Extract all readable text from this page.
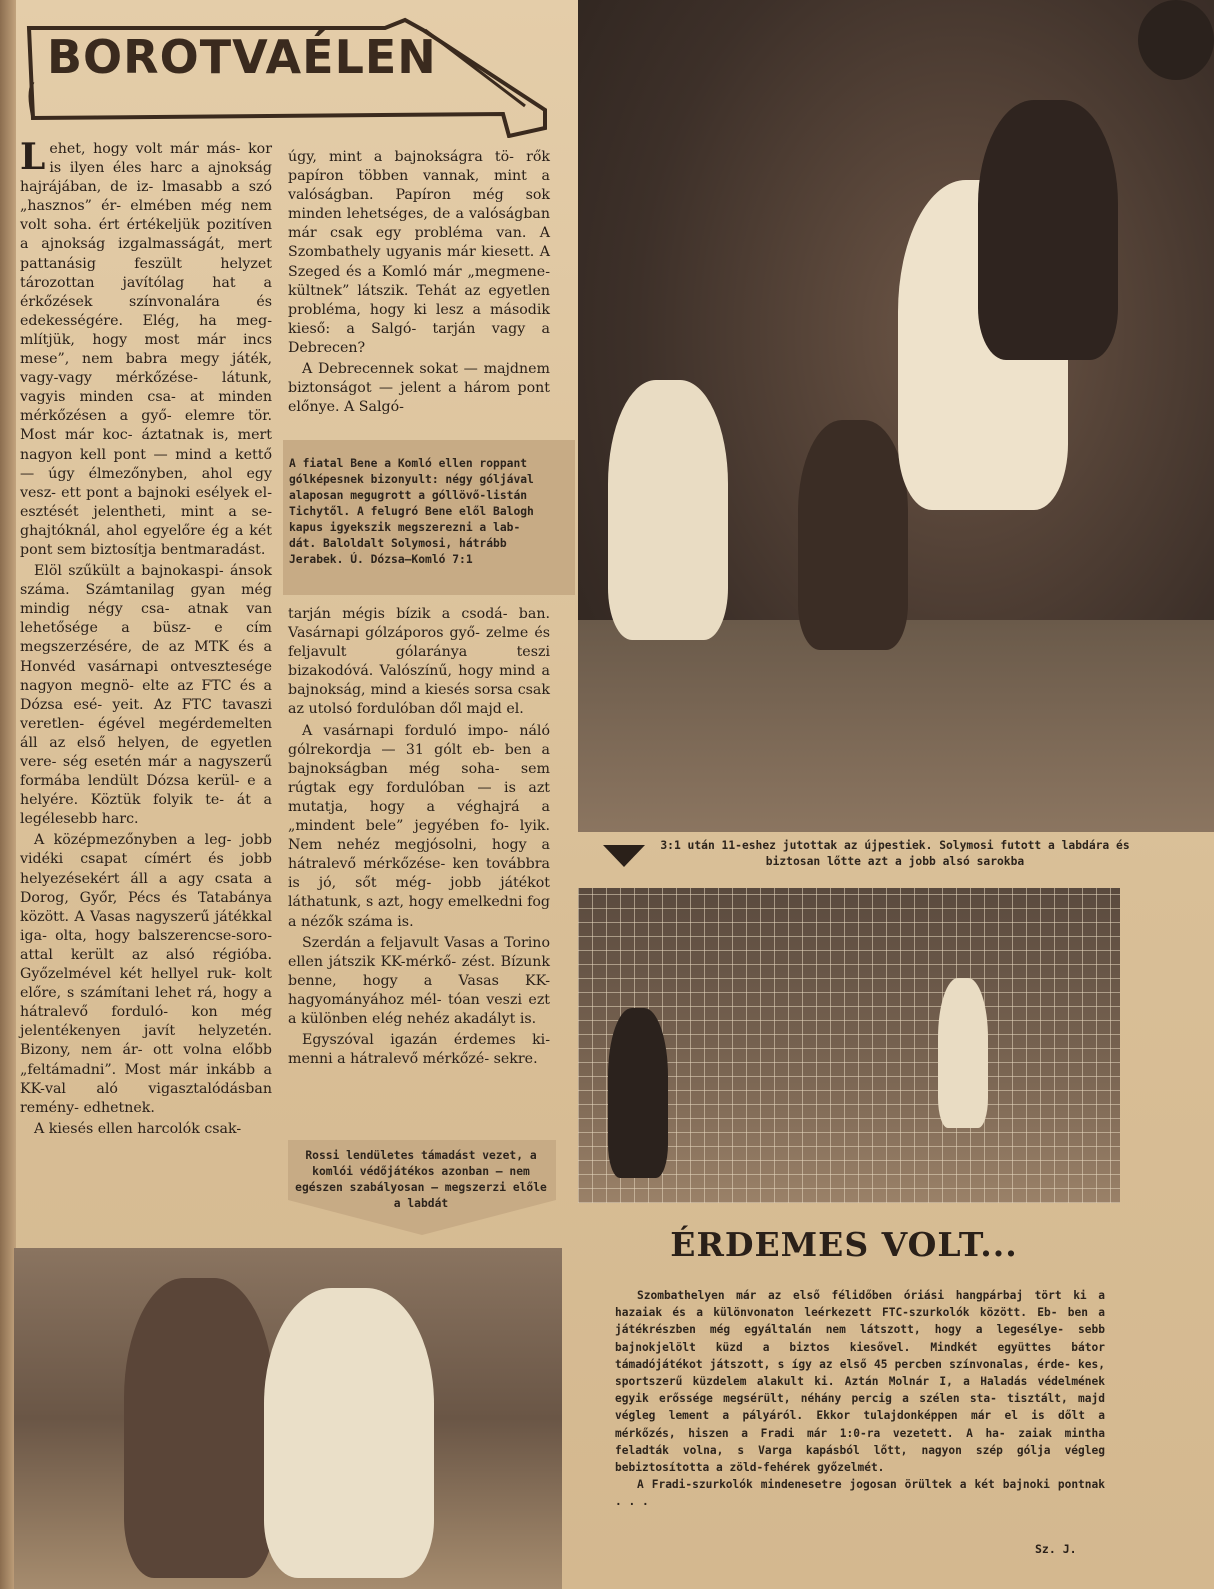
BOROTVAÉLEN

Lehet, hogy volt már más- kor is ilyen éles harc a ajnokság hajrájában, de iz- lmasabb a szó „hasznos” ér- elmében még nem volt soha. ért értékeljük pozitíven a ajnokság izgalmasságát, mert pattanásig feszült helyzet tározottan javítólag hat a érkőzések színvonalára és edekességére. Elég, ha meg- mlítjük, hogy most már incs mese”, nem babra megy játék, vagy-vagy mérkőzése- látunk, vagyis minden csa- at minden mérkőzésen a győ- elemre tör. Most már koc- áztatnak is, mert nagyon kell pont — mind a kettő — úgy élmezőnyben, ahol egy vesz- ett pont a bajnoki esélyek el- esztését jelentheti, mint a se- ghajtóknál, ahol egyelőre ég a két pont sem biztosítja bentmaradást.

Elöl szűkült a bajnokaspi- ánsok száma. Számtanilag gyan még mindig négy csa- atnak van lehetősége a büsz- e cím megszerzésére, de az MTK és a Honvéd vasárnapi ontvesztesége nagyon megnö- elte az FTC és a Dózsa esé- yeit. Az FTC tavaszi veretlen- égével megérdemelten áll az első helyen, de egyetlen vere- ség esetén már a nagyszerű formába lendült Dózsa kerül- e a helyére. Köztük folyik te- át a legélesebb harc.

A középmezőnyben a leg- jobb vidéki csapat címért és jobb helyezésekért áll a agy csata a Dorog, Győr, Pécs és Tatabánya között. A Vasas nagyszerű játékkal iga- olta, hogy balszerencse-soro- attal került az alsó régióba. Győzelmével két hellyel ruk- kolt előre, s számítani lehet rá, hogy a hátralevő forduló- kon még jelentékenyen javít helyzetén. Bizony, nem ár- ott volna előbb „feltámadni”. Most már inkább a KK-val aló vigasztalódásban remény- edhetnek.

A kiesés ellen harcolók csak-

úgy, mint a bajnokságra tö- rők papíron többen vannak, mint a valóságban. Papíron még sok minden lehetséges, de a valóságban már csak egy probléma van. A Szombathely ugyanis már kiesett. A Szeged és a Komló már „megmene- kültnek” látszik. Tehát az egyetlen probléma, hogy ki lesz a második kieső: a Salgó- tarján vagy a Debrecen?

A Debrecennek sokat — majdnem biztonságot — jelent a három pont előnye. A Salgó-

A fiatal Bene a Komló ellen roppant gólképesnek bizonyult: négy góljával alaposan megugrott a góllövő-listán Tichytől. A felugró Bene elől Balogh kapus igyekszik megszerezni a lab- dát. Baloldalt Solymosi, hátrább Jerabek. Ú. Dózsa—Komló 7:1

tarján mégis bízik a csodá- ban. Vasárnapi gólzáporos győ- zelme és feljavult gólaránya teszi bizakodóvá. Valószínű, hogy mind a bajnokság, mind a kiesés sorsa csak az utolsó fordulóban dől majd el.

A vasárnapi forduló impo- náló gólrekordja — 31 gólt eb- ben a bajnokságban még soha- sem rúgtak egy fordulóban — is azt mutatja, hogy a véghajrá a „mindent bele” jegyében fo- lyik. Nem nehéz megjósolni, hogy a hátralevő mérkőzése- ken továbbra is jó, sőt még- jobb játékot láthatunk, s azt, hogy emelkedni fog a nézők száma is.

Szerdán a feljavult Vasas a Torino ellen játszik KK-mérkő- zést. Bízunk benne, hogy a Vasas KK-hagyományához mél- tóan veszi ezt a különben elég nehéz akadályt is.

Egyszóval igazán érdemes ki- menni a hátralevő mérkőzé- sekre.

Rossi lendületes támadást vezet, a komlói védőjátékos azonban — nem egészen szabályosan — megszerzi előle a labdát
3:1 után 11-eshez jutottak az újpestiek. Solymosi futott a labdára és biztosan lőtte azt a jobb alsó sarokba
ÉRDEMES VOLT...

Szombathelyen már az első félidőben óriási hangpárbaj tört ki a hazaiak és a különvonaton leérkezett FTC-szurkolók között. Eb- ben a játékrészben még egyáltalán nem látszott, hogy a legesélye- sebb bajnokjelölt küzd a biztos kiesővel. Mindkét együttes bátor támadójátékot játszott, s így az első 45 percben színvonalas, érde- kes, sportszerű küzdelem alakult ki. Aztán Molnár I, a Haladás védelmének egyik erőssége megsérült, néhány percig a szélen sta- tisztált, majd végleg lement a pályáról. Ekkor tulajdonképpen már el is dőlt a mérkőzés, hiszen a Fradi már 1:0-ra vezetett. A ha- zaiak mintha feladták volna, s Varga kapásból lőtt, nagyon szép gólja végleg bebiztosította a zöld-fehérek győzelmét.

A Fradi-szurkolók mindenesetre jogosan örültek a két bajnoki pontnak . . .

Sz. J.
